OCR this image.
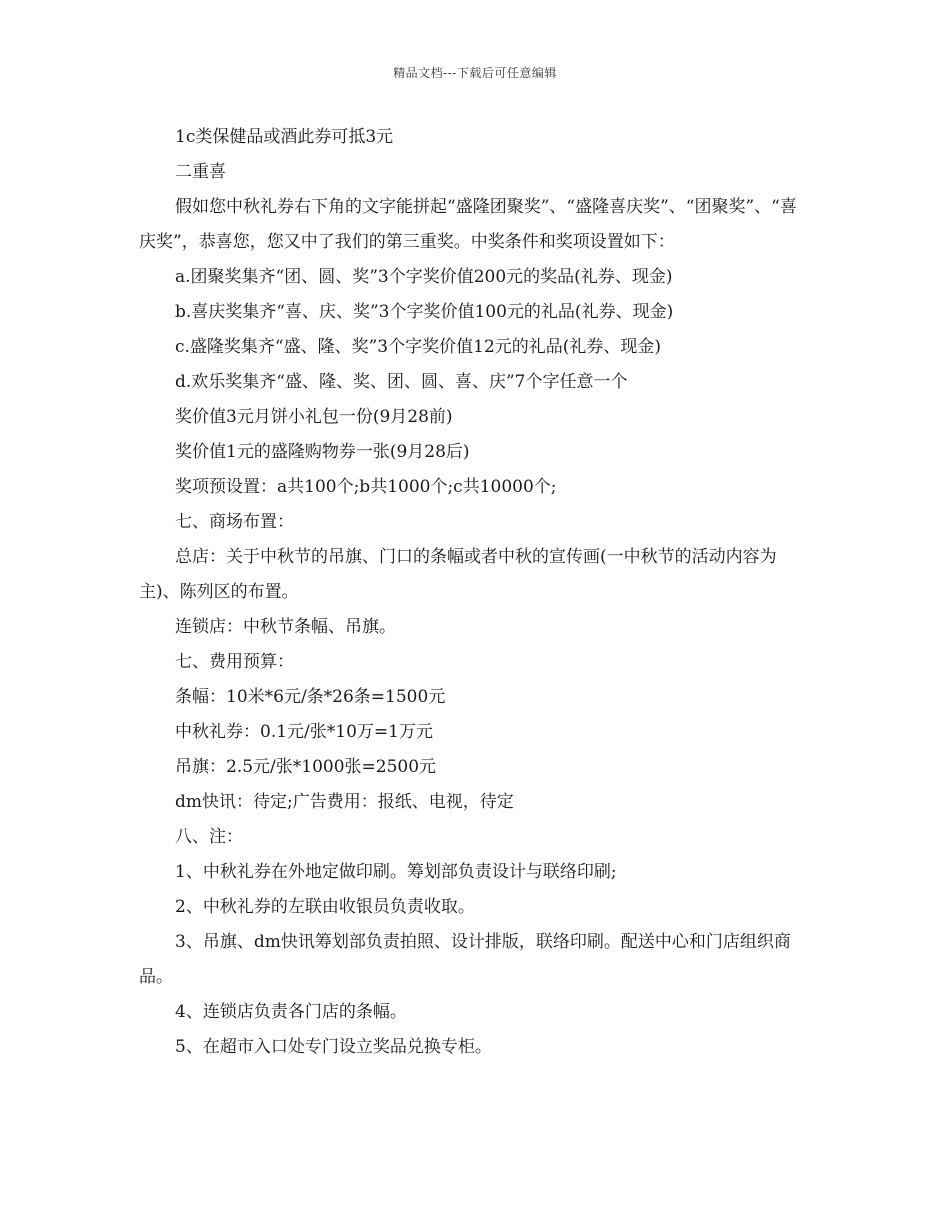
精品文档---下载后可任意编辑

1c类保健品或酒此券可抵3元

二重喜

假如您中秋礼券右下角的文字能拼起“盛隆团聚奖”、“盛隆喜庆奖”、“团聚奖”、“喜庆奖”，恭喜您，您又中了我们的第三重奖。中奖条件和奖项设置如下：

a.团聚奖集齐“团、圆、奖”3个字奖价值200元的奖品(礼券、现金)

b.喜庆奖集齐“喜、庆、奖”3个字奖价值100元的礼品(礼券、现金)

c.盛隆奖集齐“盛、隆、奖”3个字奖价值12元的礼品(礼券、现金)

d.欢乐奖集齐“盛、隆、奖、团、圆、喜、庆”7个字任意一个

奖价值3元月饼小礼包一份(9月28前)

奖价值1元的盛隆购物券一张(9月28后)

奖项预设置：a共100个;b共1000个;c共10000个;

七、商场布置：

总店：关于中秋节的吊旗、门口的条幅或者中秋的宣传画(一中秋节的活动内容为主)、陈列区的布置。

连锁店：中秋节条幅、吊旗。

七、费用预算：

条幅：10米*6元/条*26条=1500元

中秋礼券：0.1元/张*10万=1万元

吊旗：2.5元/张*1000张=2500元

dm快讯：待定;广告费用：报纸、电视，待定

八、注：

1、中秋礼券在外地定做印刷。筹划部负责设计与联络印刷;

2、中秋礼券的左联由收银员负责收取。

3、吊旗、dm快讯筹划部负责拍照、设计排版，联络印刷。配送中心和门店组织商品。

4、连锁店负责各门店的条幅。

5、在超市入口处专门设立奖品兑换专柜。
